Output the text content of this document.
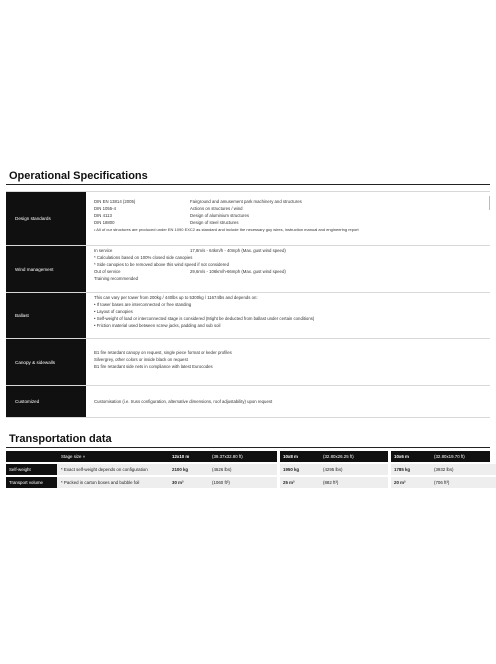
Operational Specifications
Design standards
DIN EN 13814 (2005)	Fairground and amusement park machinery and structures
DIN 1055-4	Actions on structures / wind
DIN 4113	Design of aluminium structures
DIN 18800	Design of steel structures
• All of our structures are produced under EN 1090 EXC2 as standard and include the necessary guy wires, instruction manual and engineering report
Wind management
In service	17,8m/s - 64km/h - 40mph (Max. gust wind speed)
* Calculations based on 100% closed side canopies
* Side canopies to be removed above this wind speed if not considered
Out of service	29,6m/s - 106km/h-66mph (Max. gust wind speed)
Training recommended
Ballast
This can vary per tower from 200kg / 440lbs up to 5300kg / 11674lbs and depends on:
• If tower bases are interconnected or free standing
• Layout of canopies
• Self-weight of load or interconnected stage is considered (Might be deducted from ballast under certain conditions)
• Friction material used between screw jacks, padding and sub soil
Canopy & sidewalls
B1 fire retardant canopy on request, single piece format or keder profiles
Silvergrey, other colors or inside black on request
B1 fire retardant side nets in compliance with latest Eurocodes
Customized	Customisation (i.e. truss configuration, alternative dimensions, roof adjustability) upon request
Transportation data
Stage size »	12x10 m	(39.37x32.80 ft)	10x8 m	(32.80x26.25 ft)	10x6 m	(32.80x19.70 ft)
Self-weight	* Exact self-weight depends on configuration	2100 kg	(4626 lbs)	1950 kg	(4295 lbs)	1785 kg	(3932 lbs)
Transport volume	* Packed in carton boxes and bubble foil	30 m³	(1060 ft³)	25 m³	(882 ft³)	20 m³	(706 ft³)
